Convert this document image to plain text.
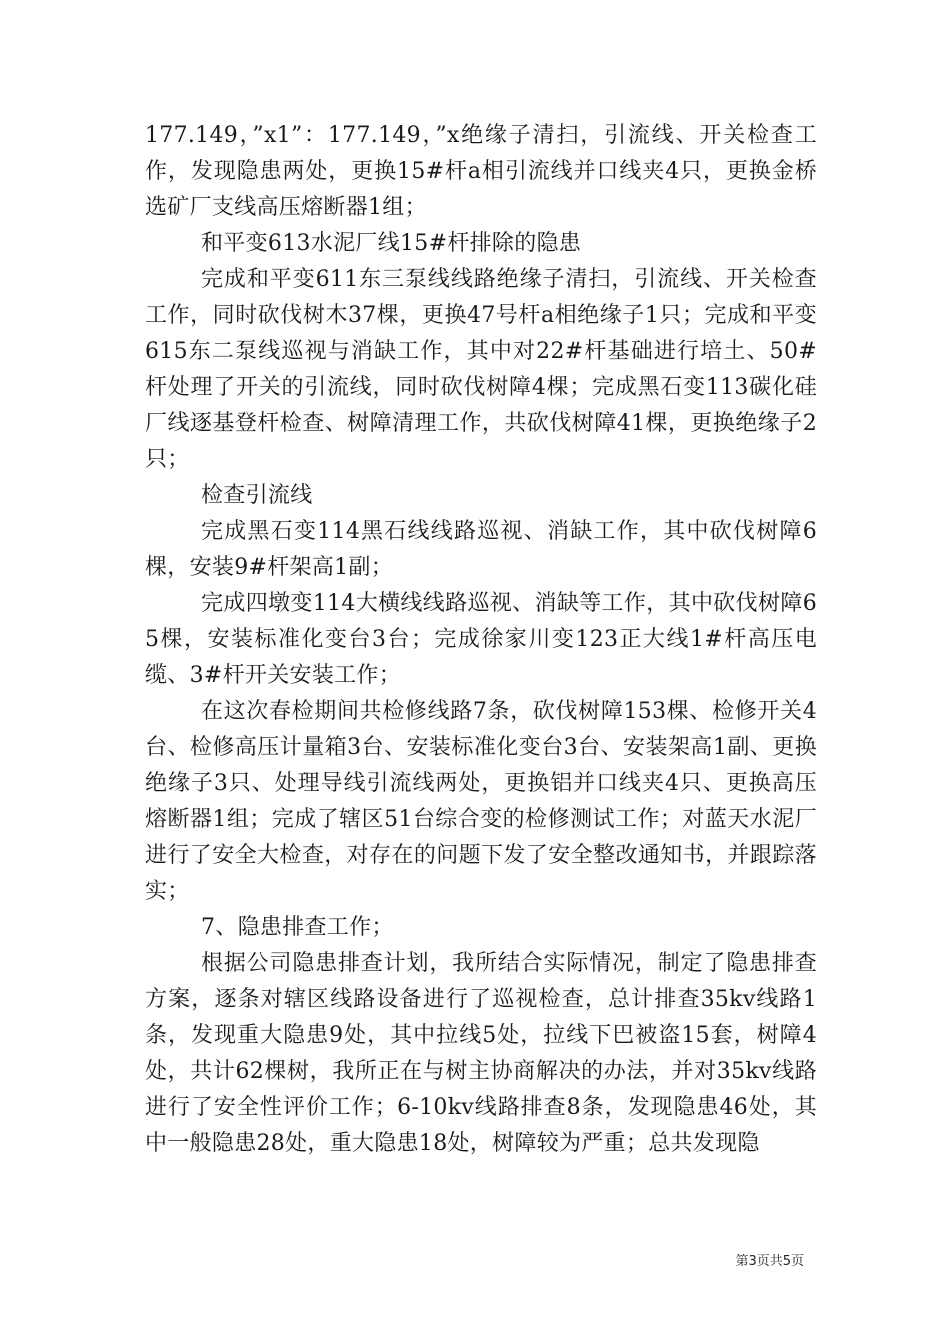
177.149，”x1”：177.149，”x绝缘子清扫，引流线、开关检查工作，发现隐患两处，更换15#杆a相引流线并口线夹4只，更换金桥选矿厂支线高压熔断器1组；

和平变613水泥厂线15#杆排除的隐患

完成和平变611东三泵线线路绝缘子清扫，引流线、开关检查工作，同时砍伐树木37棵，更换47号杆a相绝缘子1只；完成和平变615东二泵线巡视与消缺工作，其中对22#杆基础进行培土、50#杆处理了开关的引流线，同时砍伐树障4棵；完成黑石变113碳化硅厂线逐基登杆检查、树障清理工作，共砍伐树障41棵，更换绝缘子2只；

检查引流线

完成黑石变114黑石线线路巡视、消缺工作，其中砍伐树障6棵，安装9#杆架高1副；

完成四墩变114大横线线路巡视、消缺等工作，其中砍伐树障65棵，安装标准化变台3台；完成徐家川变123正大线1#杆高压电缆、3#杆开关安装工作；

在这次春检期间共检修线路7条，砍伐树障153棵、检修开关4台、检修高压计量箱3台、安装标准化变台3台、安装架高1副、更换绝缘子3只、处理导线引流线两处，更换铝并口线夹4只、更换高压熔断器1组；完成了辖区51台综合变的检修测试工作；对蓝天水泥厂进行了安全大检查，对存在的问题下发了安全整改通知书，并跟踪落实；

7、隐患排查工作；

根据公司隐患排查计划，我所结合实际情况，制定了隐患排查方案，逐条对辖区线路设备进行了巡视检查，总计排查35kv线路1条，发现重大隐患9处，其中拉线5处，拉线下巴被盗15套，树障4处，共计62棵树，我所正在与树主协商解决的办法，并对35kv线路进行了安全性评价工作；6-10kv线路排查8条，发现隐患46处，其中一般隐患28处，重大隐患18处，树障较为严重；总共发现隐

第3页共5页
